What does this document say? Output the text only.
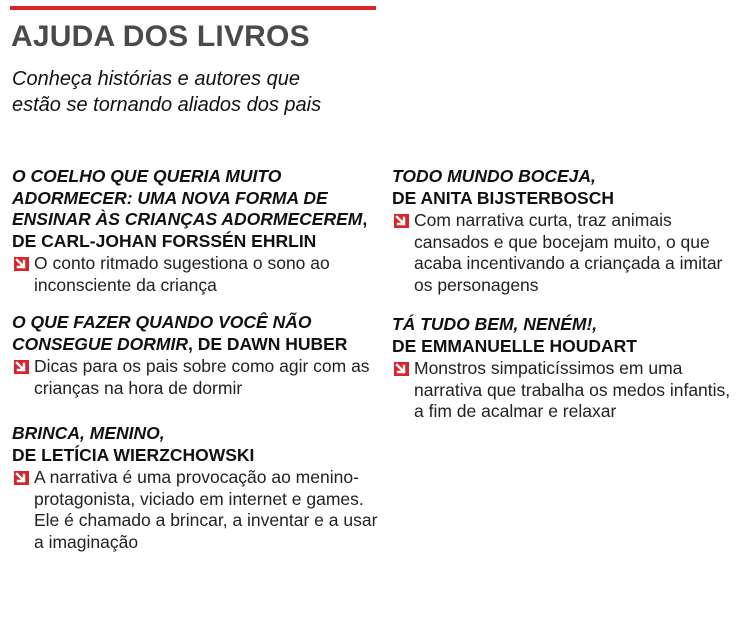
AJUDA DOS LIVROS
Conheça histórias e autores que estão se tornando aliados dos pais
O COELHO QUE QUERIA MUITO ADORMECER: UMA NOVA FORMA DE ENSINAR ÀS CRIANÇAS ADORMECEREM, DE CARL-JOHAN FORSSÉN EHRLIN
O conto ritmado sugestiona o sono ao inconsciente da criança
O QUE FAZER QUANDO VOCÊ NÃO CONSEGUE DORMIR, DE DAWN HUBER
Dicas para os pais sobre como agir com as crianças na hora de dormir
BRINCA, MENINO,
DE LETÍCIA WIERZCHOWSKI
A narrativa é uma provocação ao menino-protagonista, viciado em internet e games. Ele é chamado a brincar, a inventar e a usar a imaginação
TODO MUNDO BOCEJA,
DE ANITA BIJSTERBOSCH
Com narrativa curta, traz animais cansados e que bocejam muito, o que acaba incentivando a criançada a imitar os personagens
TÁ TUDO BEM, NENÉM!,
DE EMMANUELLE HOUDART
Monstros simpaticíssimos em uma narrativa que trabalha os medos infantis, a fim de acalmar e relaxar
